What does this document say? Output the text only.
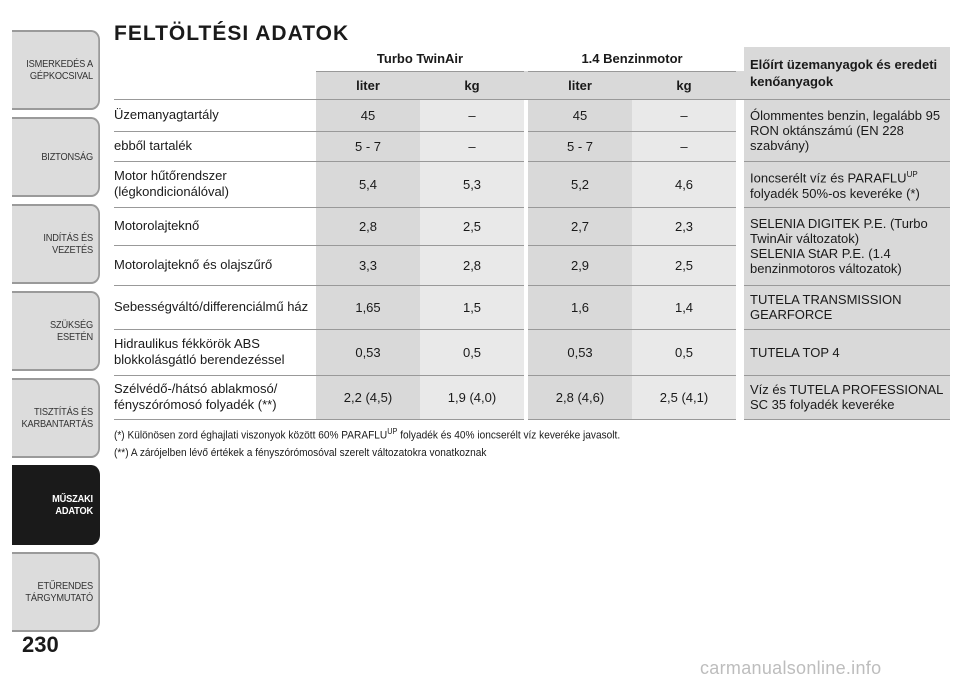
ISMERKEDÉS A
GÉPKOCSIVAL
BIZTONSÁG
INDÍTÁS ÉS VEZETÉS
SZÜKSÉG ESETÉN
TISZTÍTÁS ÉS
KARBANTARTÁS
MŰSZAKI
ADATOK
ETŰRENDES
TÁRGYMUTATÓ
230
FELTÖLTÉSI ADATOK
	Turbo TwinAir			1.4 Benzinmotor			Előírt üzemanyagok és eredeti kenőanyagok
	liter	kg		liter	kg		
Üzemanyagtartály	45	–		45	–		Ólommentes benzin, legalább 95 RON oktánszámú (EN 228 szabvány)
ebből tartalék	5 - 7	–		5 - 7	–		
Motor hűtőrendszer (légkondicionálóval)	5,4	5,3		5,2	4,6		Ioncserélt víz és $PARAFLU^{UP}$ folyadék 50%-os keveréke (*)
Motorolajteknő	2,8	2,5		2,7	2,3		SELENIA DIGITEK P.E. (Turbo TwinAir változatok)
SELENIA StAR P.E. (1.4 benzinmotoros változatok)

Motorolajteknő és olajszűrő	3,3	2,8		2,9	2,5		
Sebességváltó/differenciálmű ház	1,65	1,5		1,6	1,4		TUTELA TRANSMISSION GEARFORCE
Hidraulikus fékkörök ABS blokkolásgátló berendezéssel	0,53	0,5		0,53	0,5		TUTELA TOP 4
Szélvédő-/hátsó ablakmosó/ fényszórómosó folyadék (**)	2,2 (4,5)	1,9 (4,0)		2,8 (4,6)	2,5 (4,1)		Víz és TUTELA PROFESSIONAL SC 35 folyadék keveréke

(*) Különösen zord éghajlati viszonyok között 60% $PARAFLU^{UP}$ folyadék és 40% ioncserélt víz keveréke javasolt.

(**) A zárójelben lévő értékek a fényszórómosóval szerelt változatokra vonatkoznak

carmanualsonline.info
